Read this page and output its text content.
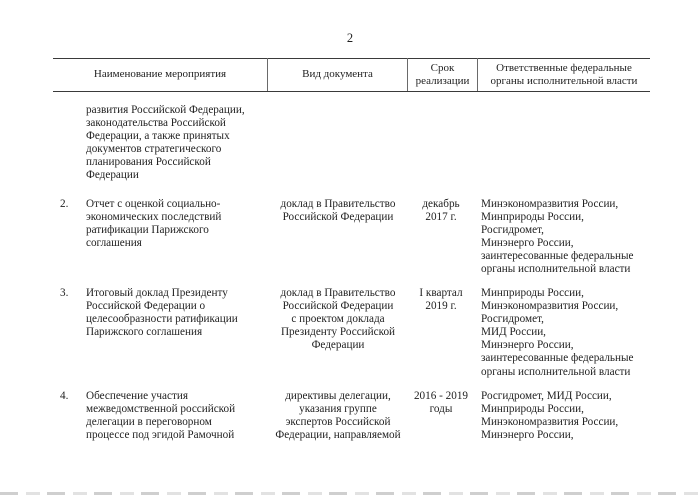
2
Наименование мероприятия	Вид документа
Срок
реализации
Ответственные федеральные
органы исполнительной власти
развития Российской Федерации,
законодательства Российской
Федерации, а также принятых
документов стратегического
планирования Российской
Федерации
2. Отчет с оценкой социально-
экономических последствий
ратификации Парижского
соглашения
доклад в Правительство
Российской Федерации
декабрь
2017 г.
Минэкономразвития России,
Минприроды России,
Росгидромет,
Минэнерго России,
заинтересованные федеральные
органы исполнительной власти
3. Итоговый доклад Президенту
Российской Федерации о
целесообразности ратификации
Парижского соглашения
доклад в Правительство
Российской Федерации
с проектом доклада
Президенту Российской
Федерации
I квартал
2019 г.
Минприроды России,
Минэкономразвития России,
Росгидромет,
МИД России,
Минэнерго России,
заинтересованные федеральные
органы исполнительной власти
4. Обеспечение участия
межведомственной российской
делегации в переговорном
процессе под эгидой Рамочной
директивы делегации,
указания группе
экспертов Российской
Федерации, направляемой
2016 - 2019
годы
Росгидромет, МИД России,
Минприроды России,
Минэкономразвития России,
Минэнерго России,
